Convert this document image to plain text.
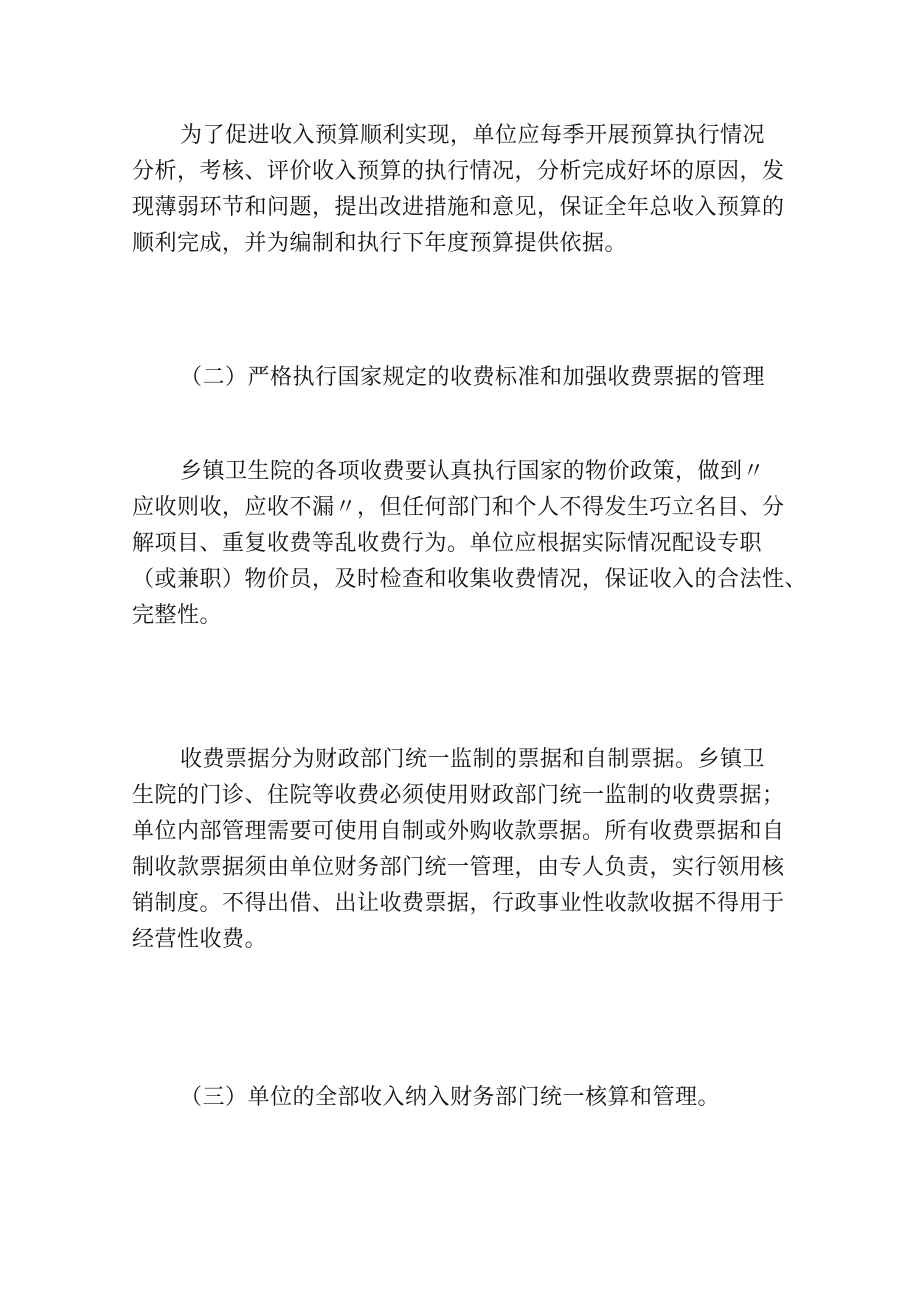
为了促进收入预算顺利实现，单位应每季开展预算执行情况
分析，考核、评价收入预算的执行情况，分析完成好坏的原因，发
现薄弱环节和问题，提出改进措施和意见，保证全年总收入预算的
顺利完成，并为编制和执行下年度预算提供依据。
（二）严格执行国家规定的收费标准和加强收费票据的管理
乡镇卫生院的各项收费要认真执行国家的物价政策，做到〃
应收则收，应收不漏〃，但任何部门和个人不得发生巧立名目、分
解项目、重复收费等乱收费行为。单位应根据实际情况配设专职
（或兼职）物价员，及时检查和收集收费情况，保证收入的合法性、
完整性。
收费票据分为财政部门统一监制的票据和自制票据。乡镇卫
生院的门诊、住院等收费必须使用财政部门统一监制的收费票据；
单位内部管理需要可使用自制或外购收款票据。所有收费票据和自
制收款票据须由单位财务部门统一管理，由专人负责，实行领用核
销制度。不得出借、出让收费票据，行政事业性收款收据不得用于
经营性收费。
（三）单位的全部收入纳入财务部门统一核算和管理。
